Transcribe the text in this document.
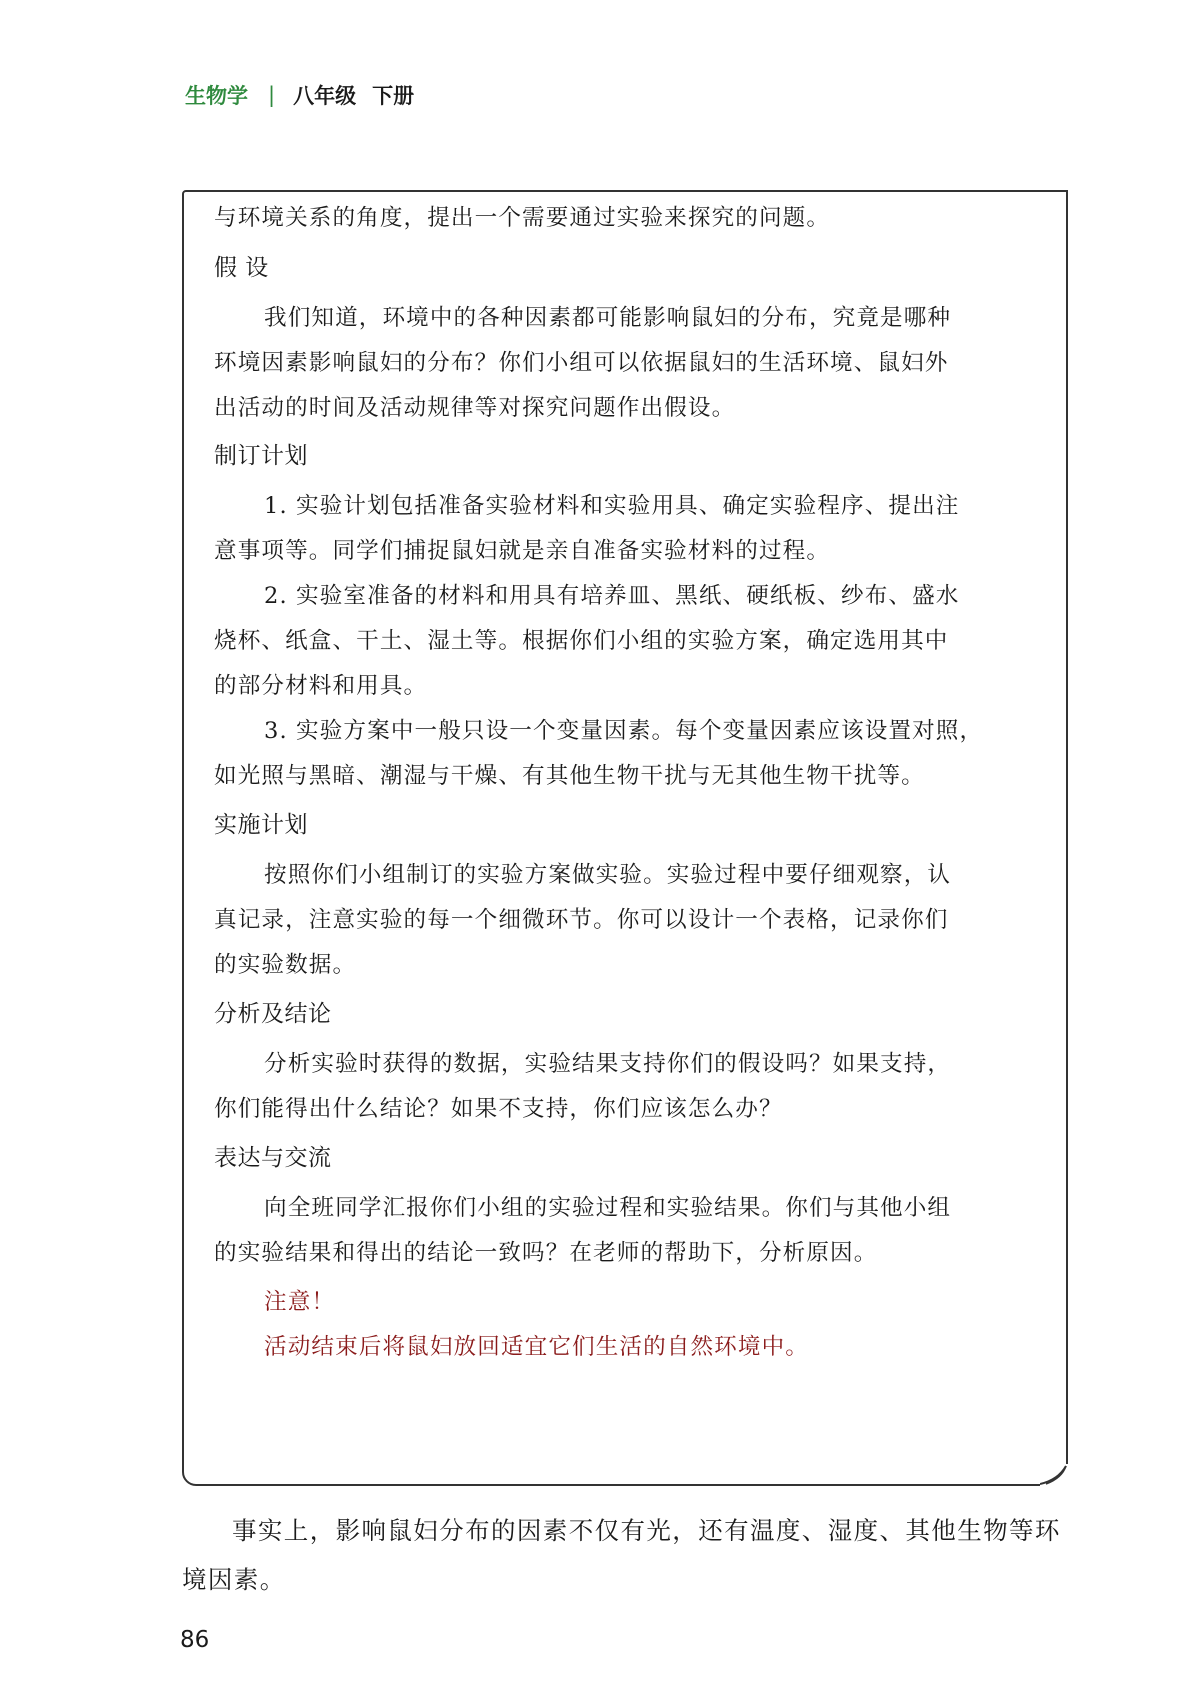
生物学 | 八年级 下册
与环境关系的角度，提出一个需要通过实验来探究的问题。
假 设
我们知道，环境中的各种因素都可能影响鼠妇的分布，究竟是哪种
环境因素影响鼠妇的分布？你们小组可以依据鼠妇的生活环境、鼠妇外
出活动的时间及活动规律等对探究问题作出假设。
制订计划
1. 实验计划包括准备实验材料和实验用具、确定实验程序、提出注
意事项等。同学们捕捉鼠妇就是亲自准备实验材料的过程。
2. 实验室准备的材料和用具有培养皿、黑纸、硬纸板、纱布、盛水
烧杯、纸盒、干土、湿土等。根据你们小组的实验方案，确定选用其中
的部分材料和用具。
3. 实验方案中一般只设一个变量因素。每个变量因素应该设置对照，
如光照与黑暗、潮湿与干燥、有其他生物干扰与无其他生物干扰等。
实施计划
按照你们小组制订的实验方案做实验。实验过程中要仔细观察，认
真记录，注意实验的每一个细微环节。你可以设计一个表格，记录你们
的实验数据。
分析及结论
分析实验时获得的数据，实验结果支持你们的假设吗？如果支持，
你们能得出什么结论？如果不支持，你们应该怎么办？
表达与交流
向全班同学汇报你们小组的实验过程和实验结果。你们与其他小组
的实验结果和得出的结论一致吗？在老师的帮助下，分析原因。
注意！
活动结束后将鼠妇放回适宜它们生活的自然环境中。
事实上，影响鼠妇分布的因素不仅有光，还有温度、湿度、其他生物等环
境因素。
86
